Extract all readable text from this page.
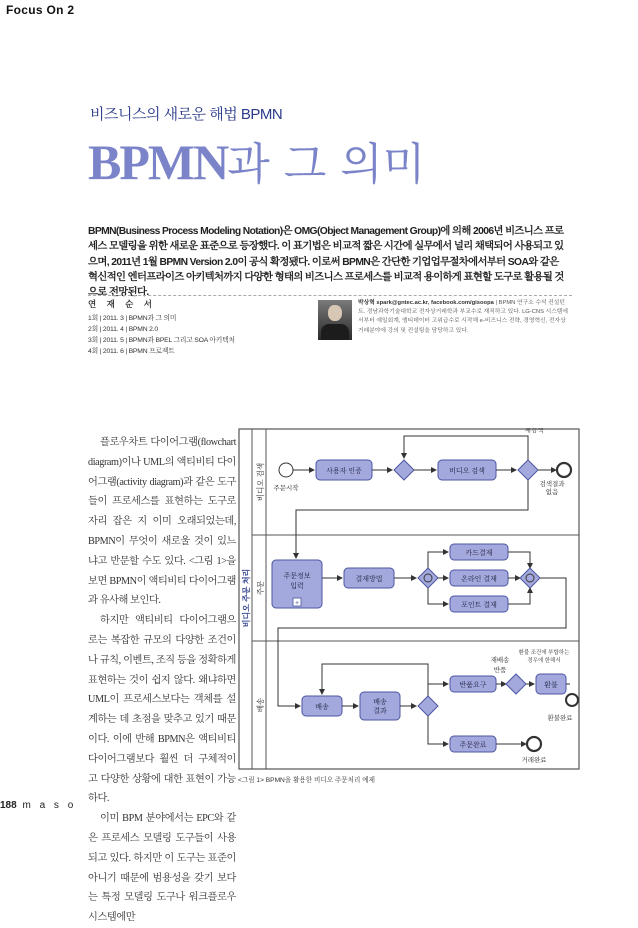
Focus On 2
비즈니스의 새로운 해법 BPMN
BPMN과 그 의미
BPMN(Business Process Modeling Notation)은 OMG(Object Management Group)에 의해 2006년 비즈니스 프로세스 모델링을 위한 새로운 표준으로 등장했다. 이 표기법은 비교적 짧은 시간에 실무에서 널리 채택되어 사용되고 있으며, 2011년 1월 BPMN Version 2.0이 공식 확정됐다. 이로써 BPMN은 간단한 기업업무절차에서부터 SOA와 같은 혁신적인 엔터프라이즈 아키텍처까지 다양한 형태의 비즈니스 프로세스를 비교적 용이하게 표현할 도구로 활용될 것으로 전망된다.
연 재 순 서
1회 | 2011. 3 | BPMN과 그 의미
2회 | 2011. 4 | BPMN 2.0
3회 | 2011. 5 | BPMN과 BPEL 그리고 SOA 아키텍처
4회 | 2011. 6 | BPMN 프로젝트
박상혁 spark@gntec.ac.kr, facebook.com/gisoopa | BPMN 연구소 수석 컨설턴트. 경남과학기술대학교 전자상거래학과 부교수로 재직하고 있다. LG-CNS 시스템에서부터 예일회계, 엠티데이터 고위급수로 시작해 e-비즈니스 전략, 경영혁신, 전자상거래분야에 강의 및 컨설팅을 담당하고 있다.

플로우차트 다이어그램(flowchart diagram)이나 UML의 액티비티 다이어그램(activity diagram)과 같은 도구들이 프로세스를 표현하는 도구로 자리 잡은 지 이미 오래되었는데, BPMN이 무엇이 새로울 것이 있느냐고 반문할 수도 있다. <그림 1>을 보면 BPMN이 액티비티 다이어그램과 유사해 보인다.

하지만 액티비티 다이어그램으로는 복잡한 규모의 다양한 조건이나 규칙, 이벤트, 조직 등을 정확하게 표현하는 것이 쉽지 않다. 왜냐하면 UML이 프로세스보다는 객체를 설계하는 데 초점을 맞추고 있기 때문이다. 이에 반해 BPMN은 액티비티 다이어그램보다 훨씬 더 구체적이고 다양한 상황에 대한 표현이 가능하다.

이미 BPM 분야에서는 EPC와 같은 프로세스 모델링 도구들이 사용되고 있다. 하지만 이 도구는 표준이 아니기 때문에 범용성을 갖기 보다는 특정 모델링 도구나 워크플로우 시스템에만

비디오 주문 처리
비디오 검색
주문
배송
주문시작
사용자 인증	비디오 검색
재검색
검색결과
없음
주문정보
입력
+
결재방법
카드결재
온라인 결재
포인트 결재
배송
배송
결과
재배송
반품요구
반품
환불
환불 조건에 부합하는
경우에 한해서
환불완료
주문완료
거래완료
<그림 1> BPMN을 활용한 비디오 주문처리 예제
188 m a s o
